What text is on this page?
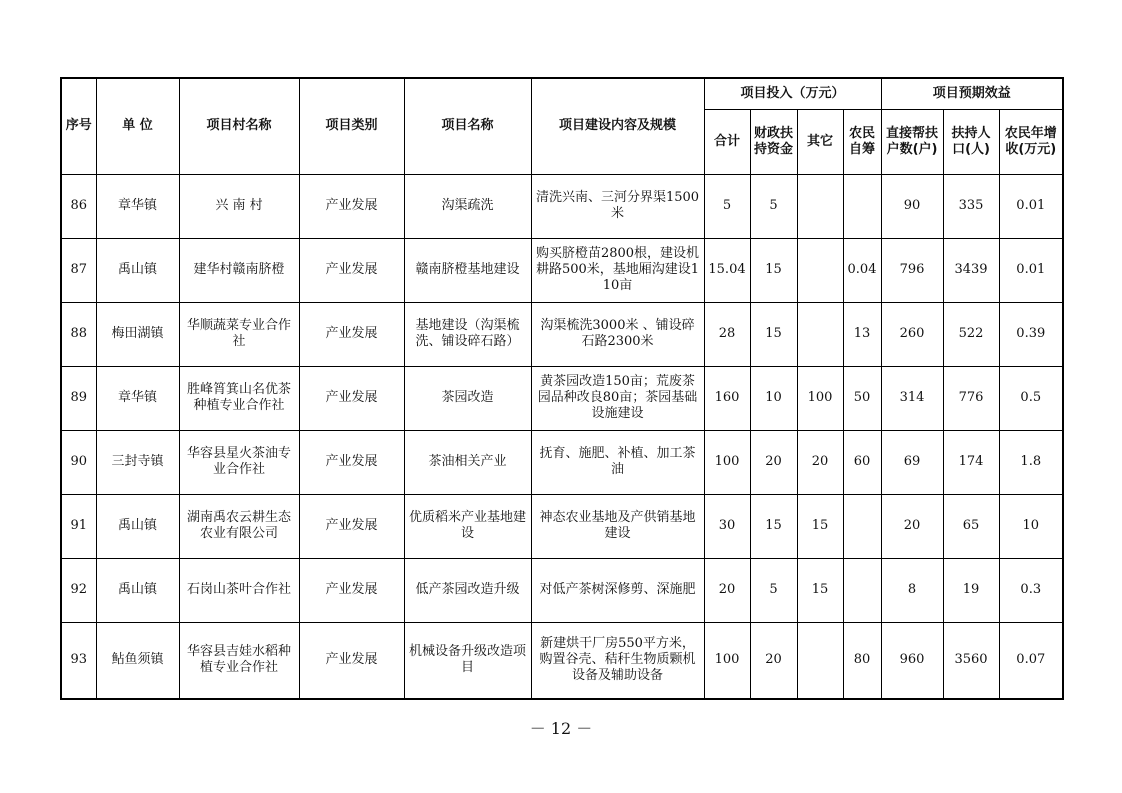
序号	单 位	项目村名称	项目类别	项目名称	项目建设内容及规模	项目投入（万元）				项目预期效益		
						合计	财政扶持资金	其它	农民自筹	直接帮扶户数(户)	扶持人口(人)	农民年增收(万元)
86	章华镇	兴 南 村	产业发展	沟渠疏洗	清洗兴南、三河分界渠1500米	5	5			90	335	0.01
87	禹山镇	建华村赣南脐橙	产业发展	赣南脐橙基地建设	购买脐橙苗2800根，建设机耕路500米，基地厢沟建设110亩	15.04	15		0.04	796	3439	0.01
88	梅田湖镇	华顺蔬菜专业合作社	产业发展	基地建设（沟渠梳洗、铺设碎石路）	沟渠梳洗3000米 、铺设碎石路2300米	28	15		13	260	522	0.39
89	章华镇	胜峰筲箕山名优茶种植专业合作社	产业发展	茶园改造	黄茶园改造150亩；荒废茶园品种改良80亩；茶园基础设施建设	160	10	100	50	314	776	0.5
90	三封寺镇	华容县星火茶油专业合作社	产业发展	茶油相关产业	抚育、施肥、补植、加工茶油	100	20	20	60	69	174	1.8
91	禹山镇	湖南禹农云耕生态农业有限公司	产业发展	优质稻米产业基地建设	神态农业基地及产供销基地建设	30	15	15		20	65	10
92	禹山镇	石岗山茶叶合作社	产业发展	低产茶园改造升级	对低产茶树深修剪、深施肥	20	5	15		8	19	0.3
93	鲇鱼须镇	华容县吉娃水稻种植专业合作社	产业发展	机械设备升级改造项目	新建烘干厂房550平方米，购置谷壳、秸秆生物质颗机设备及辅助设备	100	20		80	960	3560	0.07
－ 12 －
